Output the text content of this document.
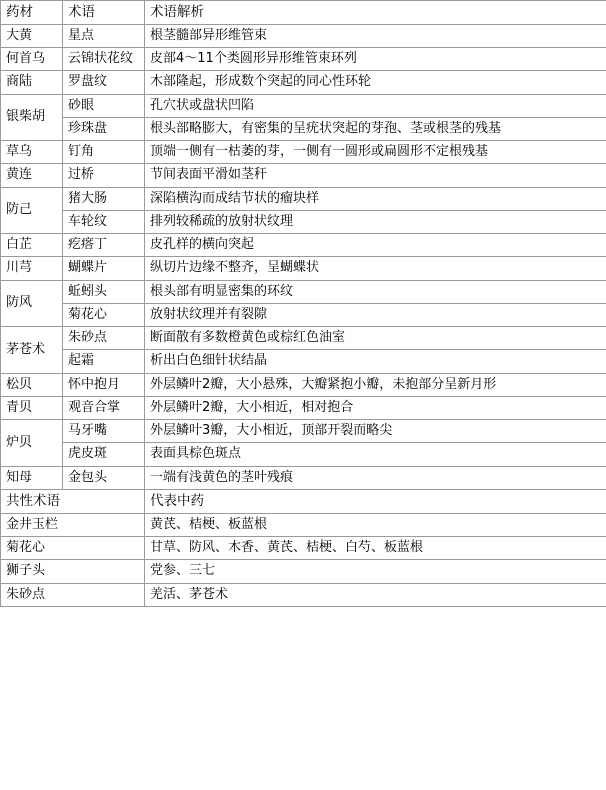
药材	术语	术语解析
大黄	星点	根茎髓部异形维管束
何首乌	云锦状花纹	皮部4～11个类圆形异形维管束环列
商陆	罗盘纹	木部隆起，形成数个突起的同心性环轮
银柴胡	砂眼	孔穴状或盘状凹陷
	珍珠盘	根头部略膨大，有密集的呈疣状突起的芽孢、茎或根茎的残基
草乌	钉角	顶端一侧有一枯萎的芽，一侧有一圆形或扁圆形不定根残基
黄连	过桥	节间表面平滑如茎秆
防己	猪大肠	深陷横沟而成结节状的瘤块样
	车轮纹	排列较稀疏的放射状纹理
白芷	疙瘩丁	皮孔样的横向突起
川芎	蝴蝶片	纵切片边缘不整齐，呈蝴蝶状
防风	蚯蚓头	根头部有明显密集的环纹
	菊花心	放射状纹理并有裂隙
茅苍术	朱砂点	断面散有多数橙黄色或棕红色油室
	起霜	析出白色细针状结晶
松贝	怀中抱月	外层鳞叶2瓣，大小悬殊，大瓣紧抱小瓣，未抱部分呈新月形
青贝	观音合掌	外层鳞叶2瓣，大小相近，相对抱合
炉贝	马牙嘴	外层鳞叶3瓣，大小相近，顶部开裂而略尖
	虎皮斑	表面具棕色斑点
知母	金包头	一端有浅黄色的茎叶残痕
共性术语		代表中药
金井玉栏		黄芪、桔梗、板蓝根
菊花心		甘草、防风、木香、黄芪、桔梗、白芍、板蓝根
狮子头		党参、三七
朱砂点		羌活、茅苍术
